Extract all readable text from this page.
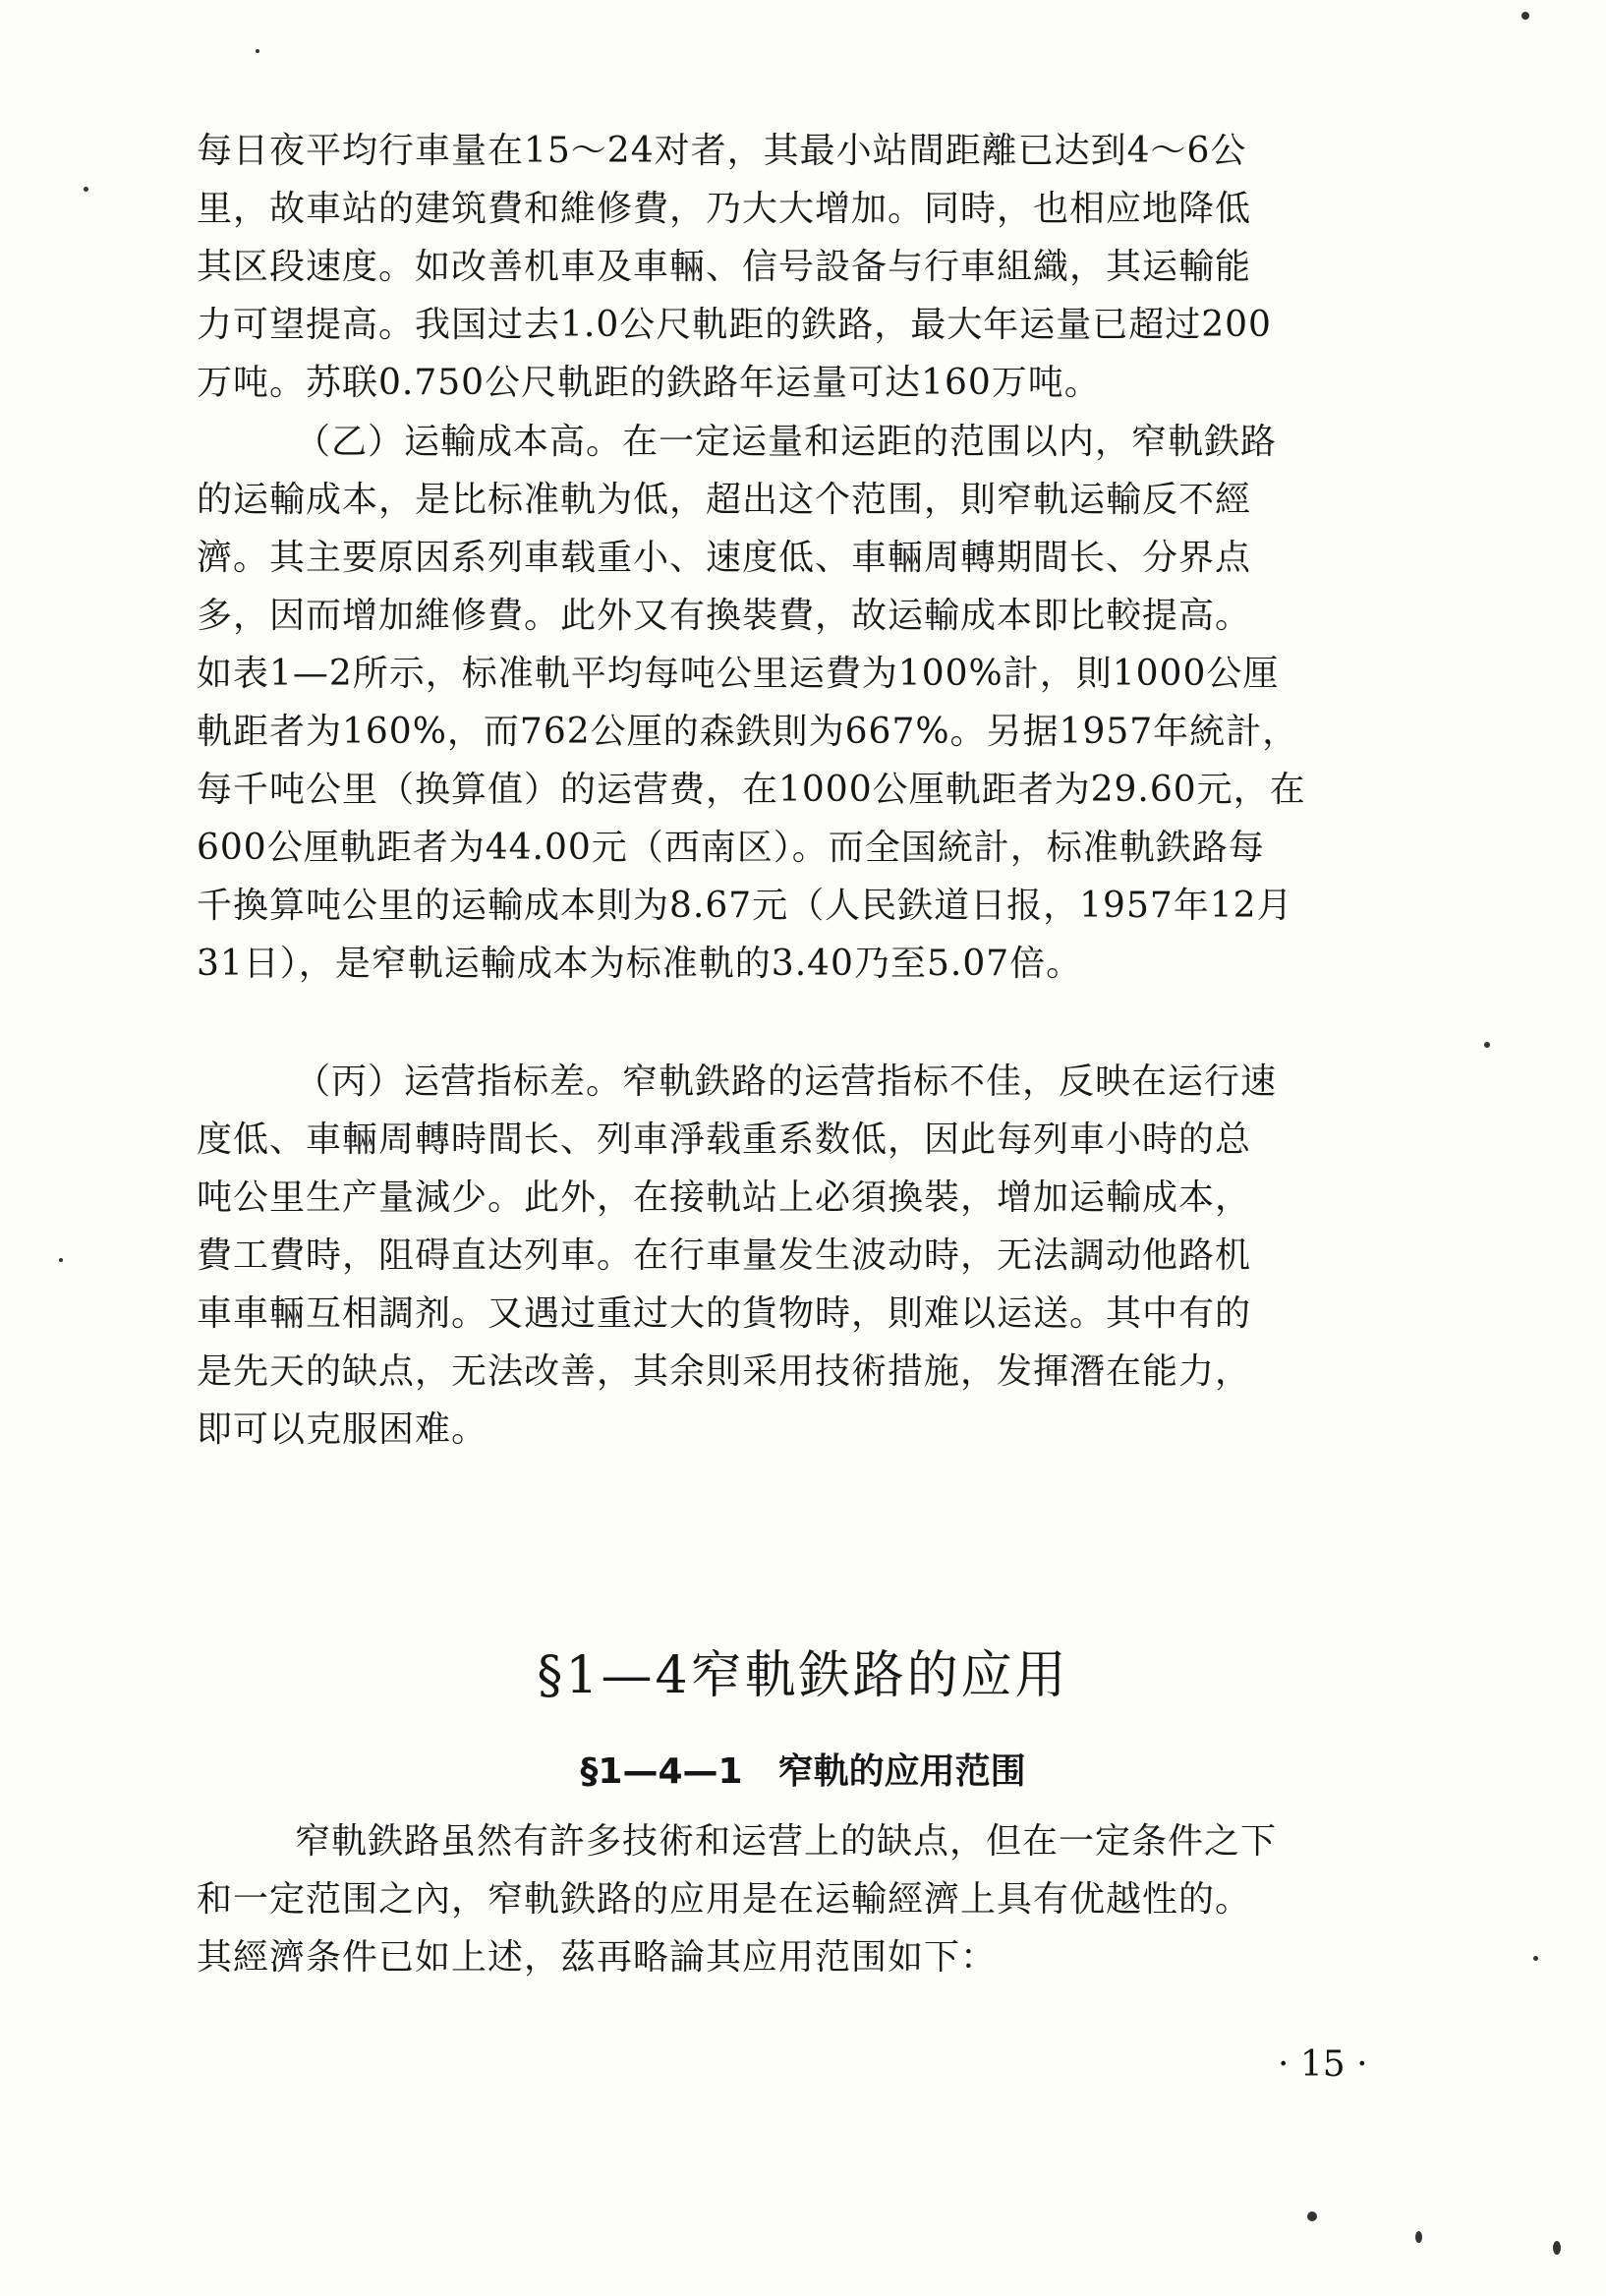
每日夜平均行車量在15～24对者，其最小站間距離已达到4～6公
里，故車站的建筑費和維修費，乃大大增加。同時，也相应地降低
其区段速度。如改善机車及車輛、信号設备与行車組織，其运輸能
力可望提高。我国过去1.0公尺軌距的鉄路，最大年运量已超过200
万吨。苏联0.750公尺軌距的鉄路年运量可达160万吨。
（乙）运輸成本高。在一定运量和运距的范围以内，窄軌鉄路
的运輸成本，是比标准軌为低，超出这个范围，則窄軌运輸反不經
濟。其主要原因系列車载重小、速度低、車輛周轉期間长、分界点
多，因而增加維修費。此外又有換裝費，故运輸成本即比較提高。
如表1—2所示，标准軌平均每吨公里运費为100%計，則1000公厘
軌距者为160%，而762公厘的森鉄則为667%。另据1957年統計，
每千吨公里（换算值）的运营费，在1000公厘軌距者为29.60元，在
600公厘軌距者为44.00元（西南区）。而全国統計，标准軌鉄路每
千換算吨公里的运輸成本則为8.67元（人民鉄道日报，1957年12月
31日），是窄軌运輸成本为标准軌的3.40乃至5.07倍。
（丙）运营指标差。窄軌鉄路的运营指标不佳，反映在运行速
度低、車輛周轉時間长、列車淨载重系数低，因此每列車小時的总
吨公里生产量減少。此外，在接軌站上必須換裝，增加运輸成本，
費工費時，阻碍直达列車。在行車量发生波动時，无法調动他路机
車車輛互相調剂。又遇过重过大的貨物時，則难以运送。其中有的
是先天的缺点，无法改善，其余則采用技術措施，发揮潛在能力，
即可以克服困难。
§1—4窄軌鉄路的应用
§1—4—1　窄軌的应用范围
窄軌鉄路虽然有許多技術和运营上的缺点，但在一定条件之下
和一定范围之內，窄軌鉄路的应用是在运輸經濟上具有优越性的。
其經濟条件已如上述，茲再略論其应用范围如下：
· 15 ·
